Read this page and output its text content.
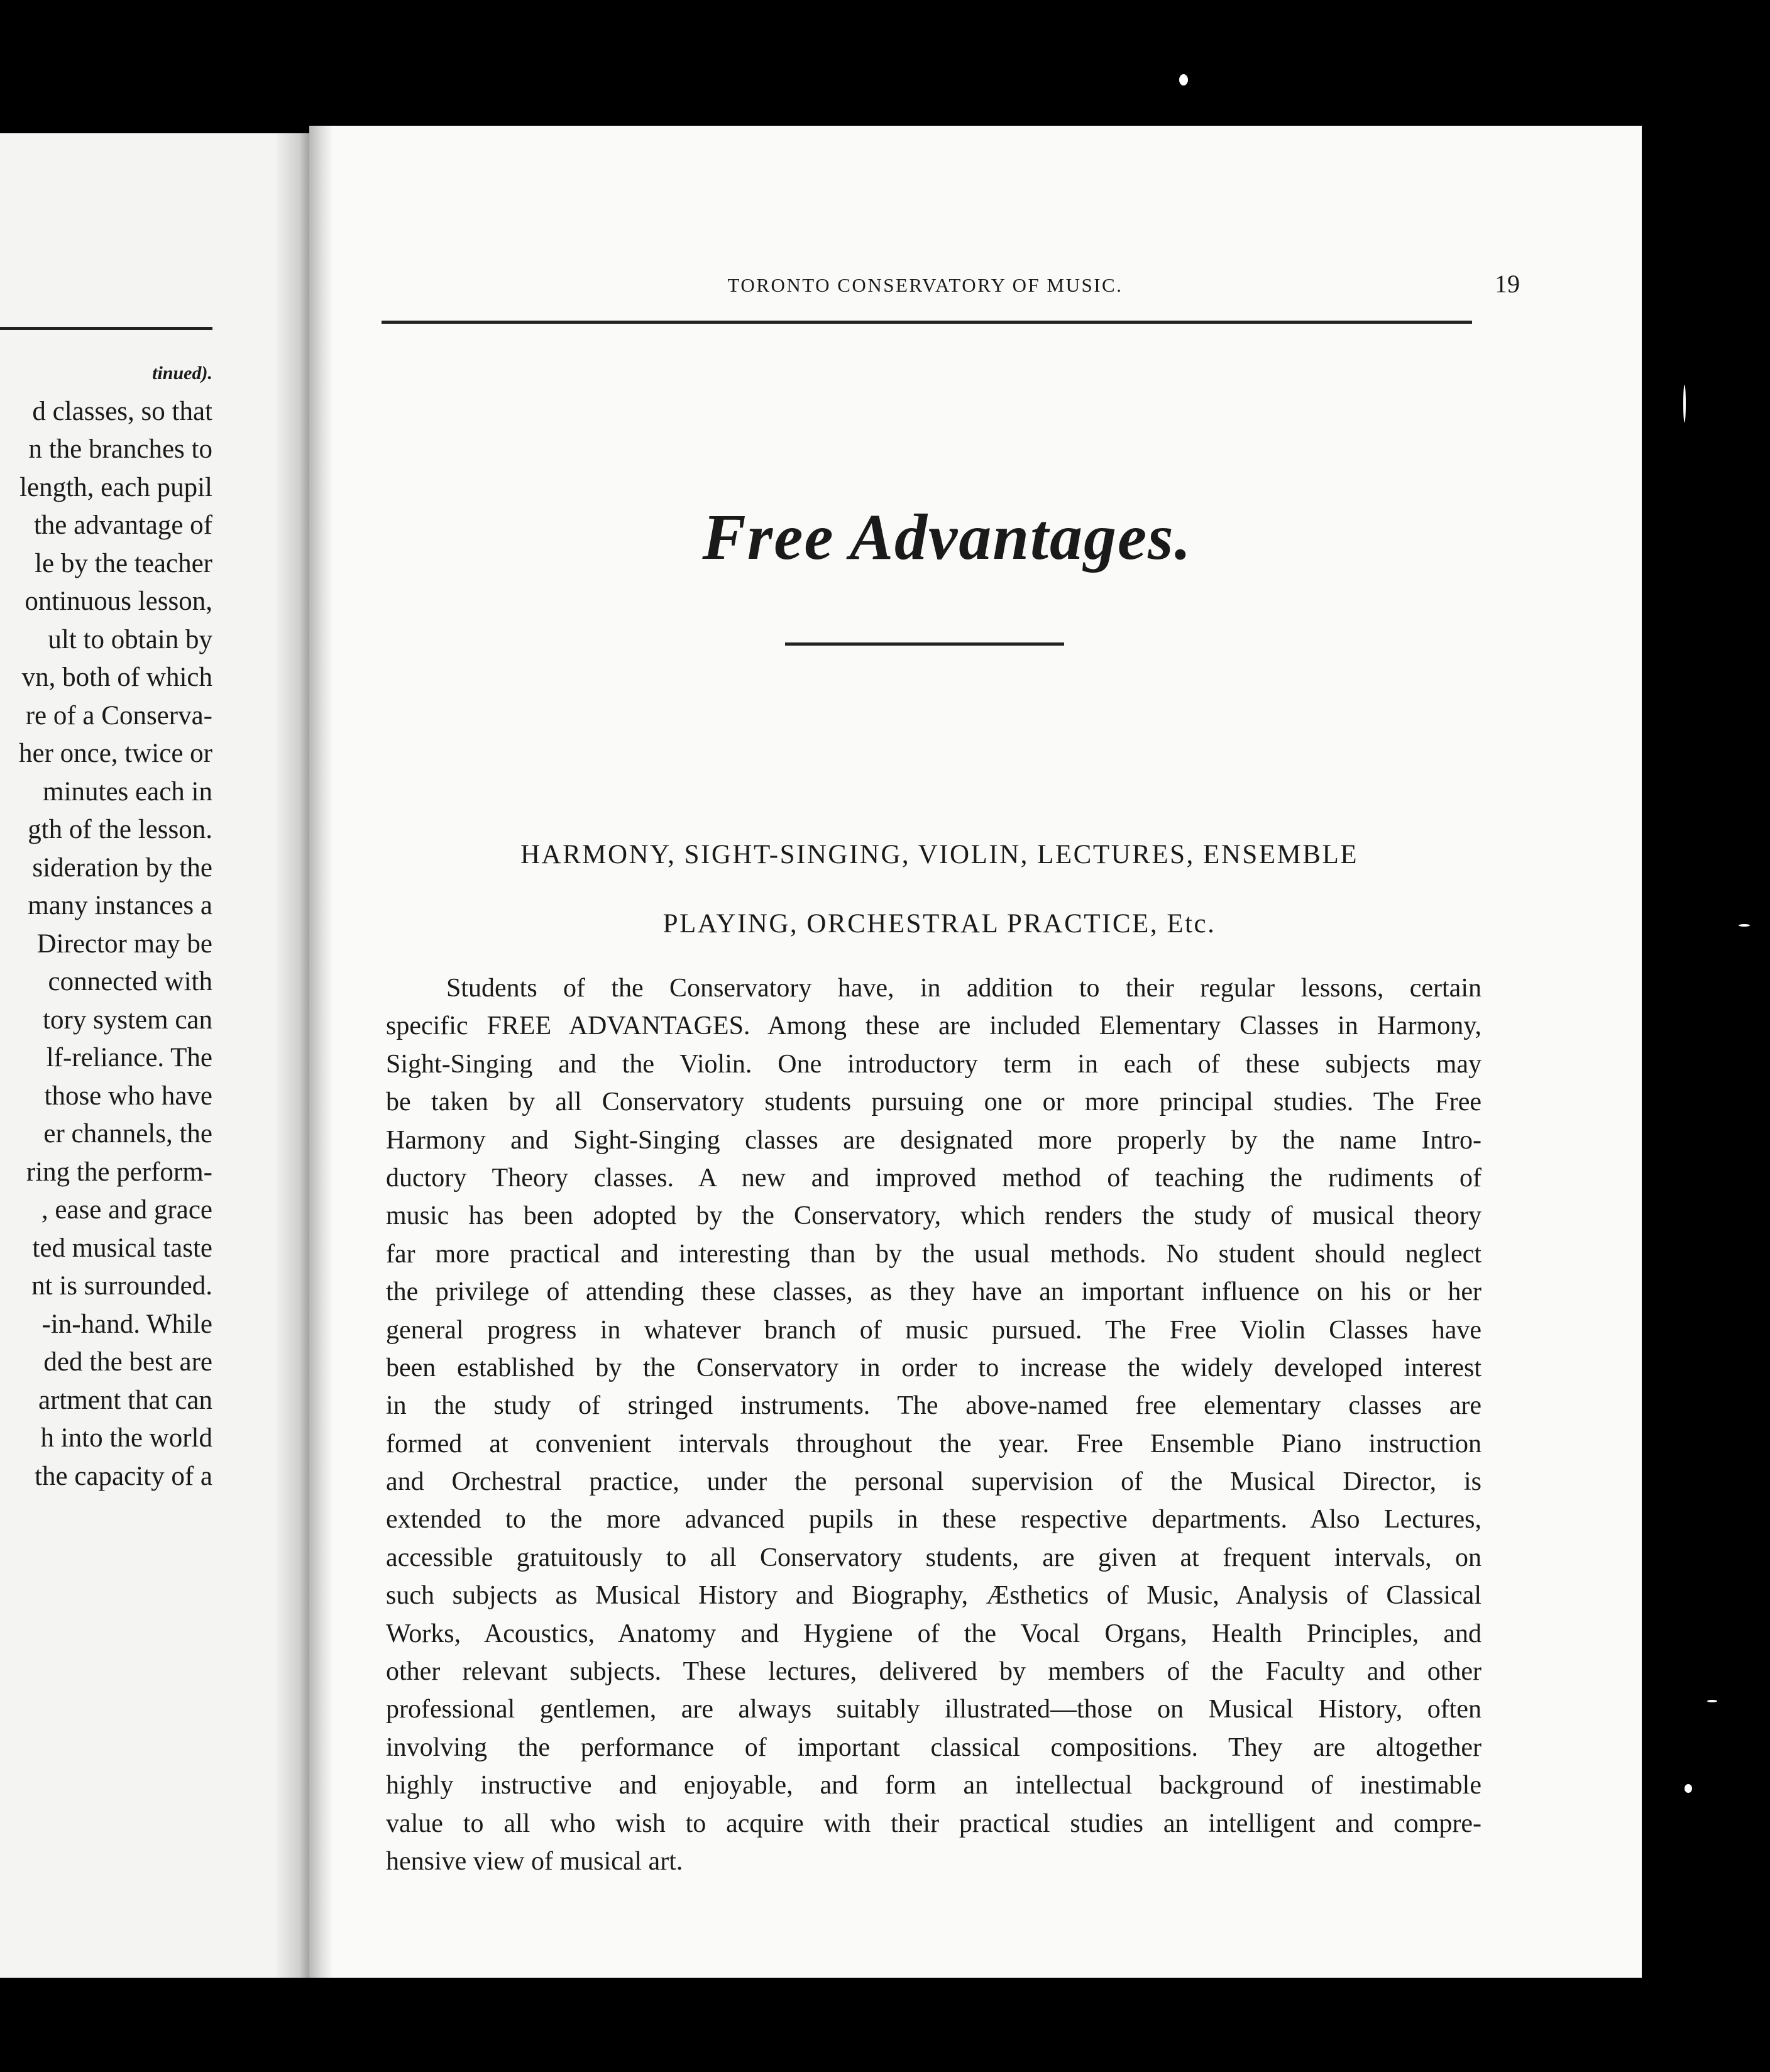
tinued).
d classes, so that
n the branches to
length, each pupil
the advantage of
le by the teacher
ontinuous lesson,
ult to obtain by
vn, both of which
re of a Conserva-
her once, twice or
minutes each in
gth of the lesson.
sideration by the
many instances a
Director may be
connected with
tory system can
lf-reliance. The
those who have
er channels, the
ring the perform-
, ease and grace
ted musical taste
nt is surrounded.
-in-hand. While
ded the best are
artment that can
h into the world
the capacity of a
TORONTO CONSERVATORY OF MUSIC.	19
Free Advantages.
HARMONY, SIGHT-SINGING, VIOLIN, LECTURES, ENSEMBLE
PLAYING, ORCHESTRAL PRACTICE, Etc.
Students of the Conservatory have, in addition to their regular lessons, certain
specific FREE ADVANTAGES. Among these are included Elementary Classes in Harmony,
Sight-Singing and the Violin. One introductory term in each of these subjects may
be taken by all Conservatory students pursuing one or more principal studies. The Free
Harmony and Sight-Singing classes are designated more properly by the name Intro-
ductory Theory classes. A new and improved method of teaching the rudiments of
music has been adopted by the Conservatory, which renders the study of musical theory
far more practical and interesting than by the usual methods. No student should neglect
the privilege of attending these classes, as they have an important influence on his or her
general progress in whatever branch of music pursued. The Free Violin Classes have
been established by the Conservatory in order to increase the widely developed interest
in the study of stringed instruments. The above-named free elementary classes are
formed at convenient intervals throughout the year. Free Ensemble Piano instruction
and Orchestral practice, under the personal supervision of the Musical Director, is
extended to the more advanced pupils in these respective departments. Also Lectures,
accessible gratuitously to all Conservatory students, are given at frequent intervals, on
such subjects as Musical History and Biography, Æsthetics of Music, Analysis of Classical
Works, Acoustics, Anatomy and Hygiene of the Vocal Organs, Health Principles, and
other relevant subjects. These lectures, delivered by members of the Faculty and other
professional gentlemen, are always suitably illustrated—those on Musical History, often
involving the performance of important classical compositions. They are altogether
highly instructive and enjoyable, and form an intellectual background of inestimable
value to all who wish to acquire with their practical studies an intelligent and compre-
hensive view of musical art.
